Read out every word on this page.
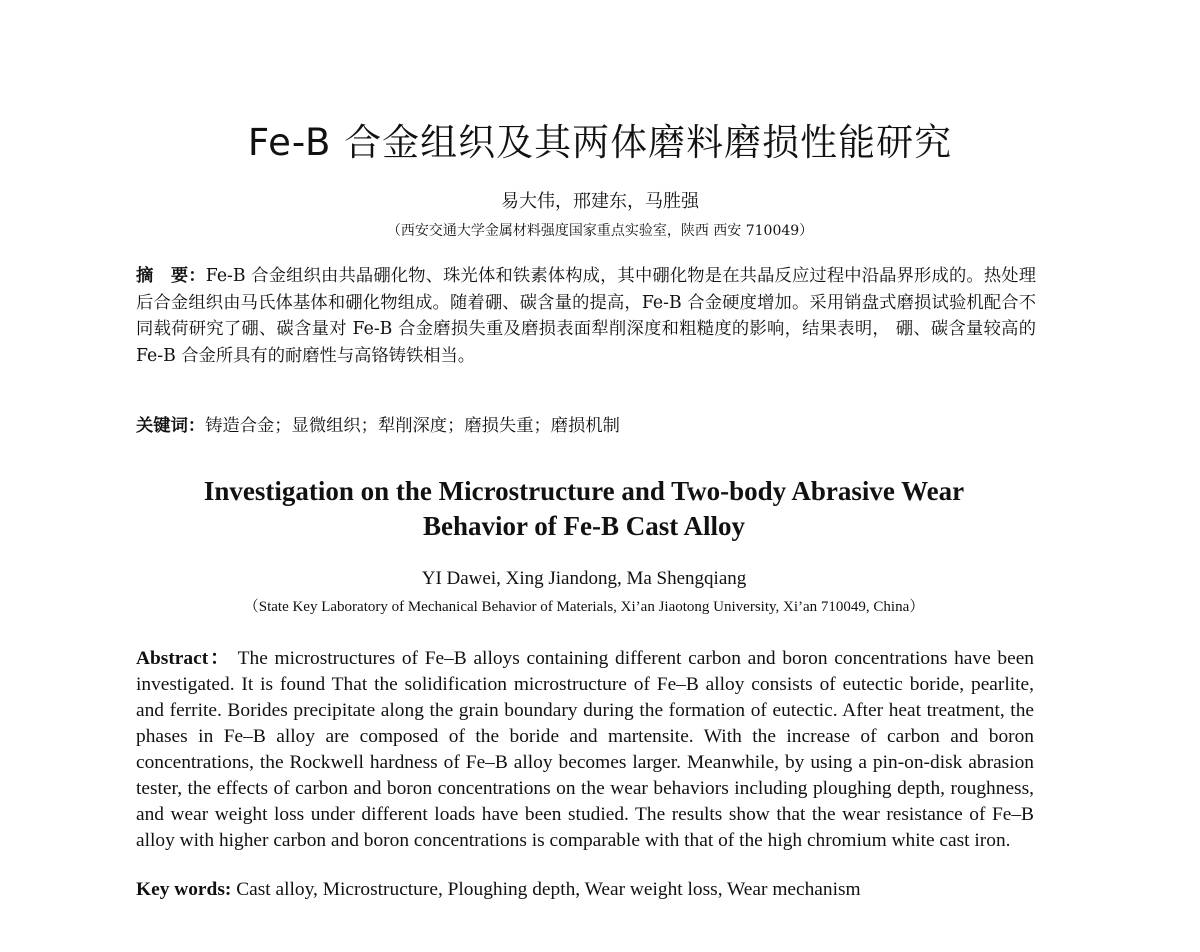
Fe-B 合金组织及其两体磨料磨损性能研究
易大伟，邢建东，马胜强
（西安交通大学金属材料强度国家重点实验室，陕西 西安 710049）
摘　要：Fe-B 合金组织由共晶硼化物、珠光体和铁素体构成，其中硼化物是在共晶反应过程中沿晶界形成的。热处理后合金组织由马氏体基体和硼化物组成。随着硼、碳含量的提高，Fe-B 合金硬度增加。采用销盘式磨损试验机配合不同载荷研究了硼、碳含量对 Fe-B 合金磨损失重及磨损表面犁削深度和粗糙度的影响，结果表明， 硼、碳含量较高的 Fe-B 合金所具有的耐磨性与高铬铸铁相当。
关键词：铸造合金；显微组织；犁削深度；磨损失重；磨损机制
Investigation on the Microstructure and Two-body Abrasive Wear
Behavior of Fe-B Cast Alloy
YI Dawei, Xing Jiandong, Ma Shengqiang
（State Key Laboratory of Mechanical Behavior of Materials, Xi’an Jiaotong University, Xi’an 710049, China）
Abstract： The microstructures of Fe–B alloys containing different carbon and boron concentrations have been investigated. It is found That the solidification microstructure of Fe–B alloy consists of eutectic boride, pearlite, and ferrite. Borides precipitate along the grain boundary during the formation of eutectic. After heat treatment, the phases in Fe–B alloy are composed of the boride and martensite. With the increase of carbon and boron concentrations, the Rockwell hardness of Fe–B alloy becomes larger. Meanwhile, by using a pin-on-disk abrasion tester, the effects of carbon and boron concentrations on the wear behaviors including ploughing depth, roughness, and wear weight loss under different loads have been studied. The results show that the wear resistance of Fe–B alloy with higher carbon and boron concentrations is comparable with that of the high chromium white cast iron.
Key words: Cast alloy, Microstructure, Ploughing depth, Wear weight loss, Wear mechanism
